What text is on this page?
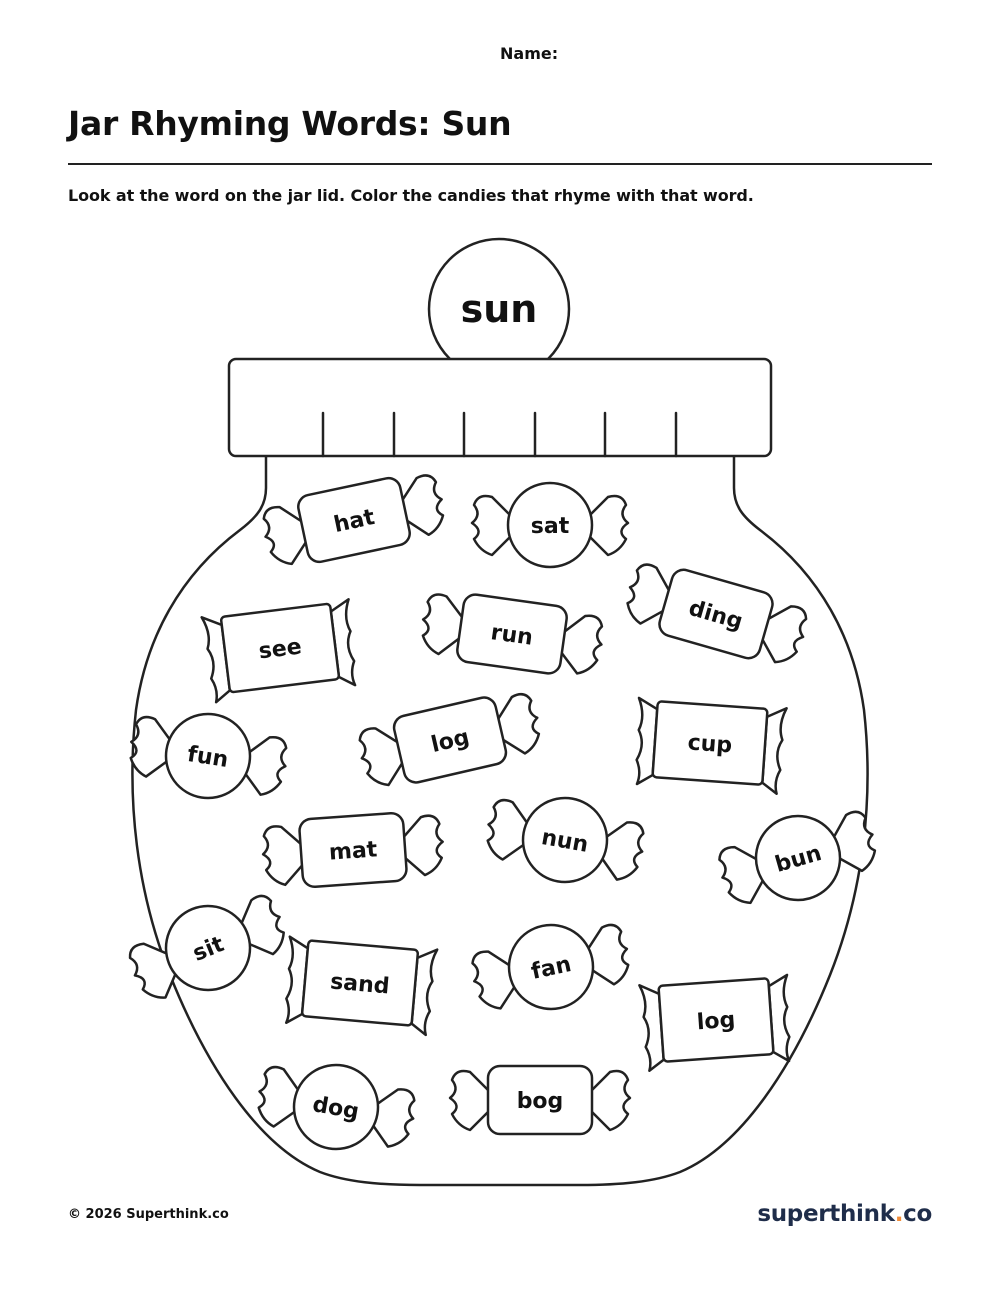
Name:
Jar Rhyming Words: Sun
Look at the word on the jar lid. Color the candies that rhyme with that word.
sun
hat	sat
see	run
ding
fun	log	cup
mat	nun	bun
sit
sand	fan
log
dog	bog
© 2026 Superthink.co	superthink.co
